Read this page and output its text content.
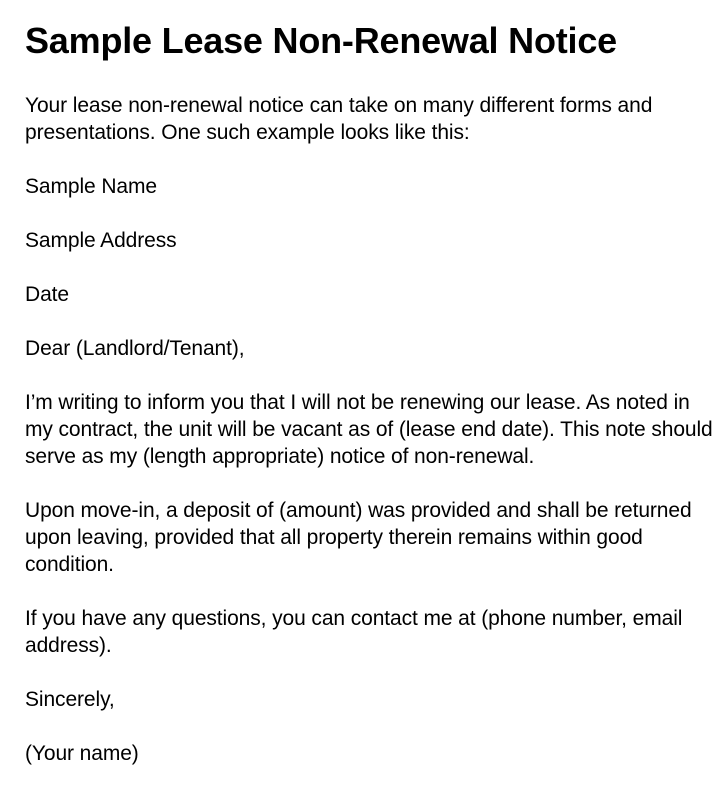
Sample Lease Non-Renewal Notice

Your lease non-renewal notice can take on many different forms and presentations. One such example looks like this:

Sample Name

Sample Address

Date

Dear (Landlord/Tenant),

I’m writing to inform you that I will not be renewing our lease. As noted in my contract, the unit will be vacant as of (lease end date). This note should serve as my (length appropriate) notice of non-renewal.

Upon move-in, a deposit of (amount) was provided and shall be returned upon leaving, provided that all property therein remains within good condition.

If you have any questions, you can contact me at (phone number, email address).

Sincerely,

(Your name)
